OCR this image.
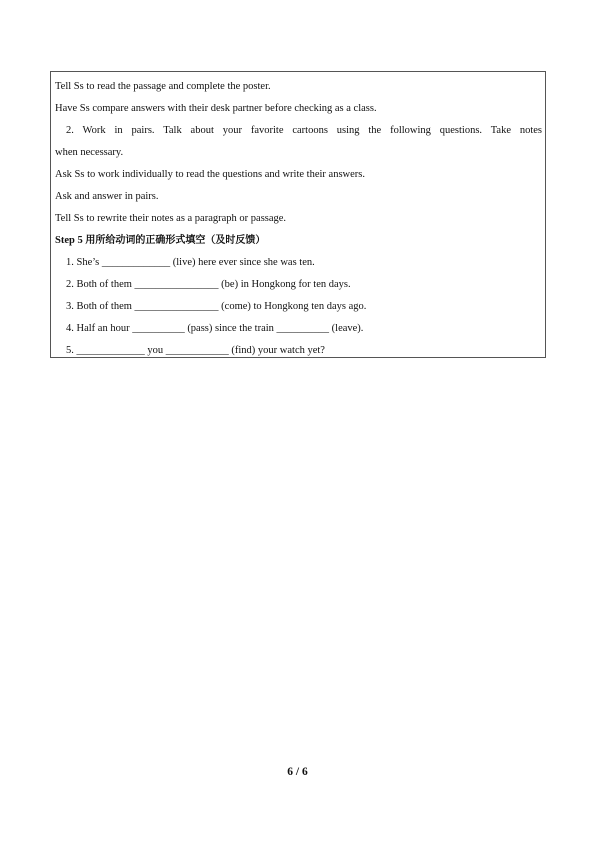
Tell Ss to read the passage and complete the poster.
Have Ss compare answers with their desk partner before checking as a class.
2. Work in pairs. Talk about your favorite cartoons using the following questions. Take notes
when necessary.
Ask Ss to work individually to read the questions and write their answers.
Ask and answer in pairs.
Tell Ss to rewrite their notes as a paragraph or passage.
Step 5 用所给动词的正确形式填空（及时反馈）
1. She’s _____________ (live) here ever since she was ten.
2. Both of them ________________ (be) in Hongkong for ten days.
3. Both of them ________________ (come) to Hongkong ten days ago.
4. Half an hour __________ (pass) since the train __________ (leave).
5. _____________ you ____________ (find) your watch yet?
6 / 6
